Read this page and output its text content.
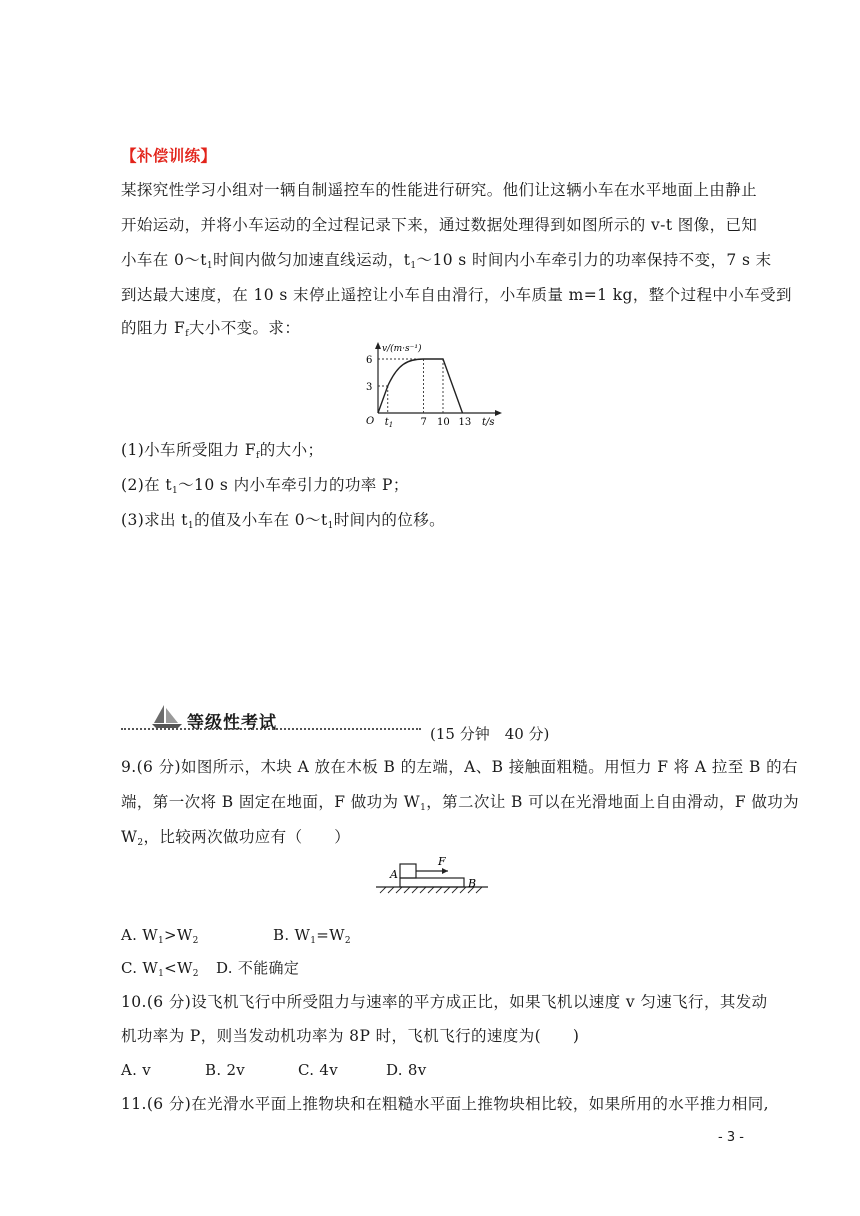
【补偿训练】
某探究性学习小组对一辆自制遥控车的性能进行研究。他们让这辆小车在水平地面上由静止
开始运动，并将小车运动的全过程记录下来，通过数据处理得到如图所示的 v-t 图像，已知
小车在 $0\sim t_1$时间内做匀加速直线运动，$t_1\sim 10$ s 时间内小车牵引力的功率保持不变，7 s 末
到达最大速度，在 10 s 末停止遥控让小车自由滑行，小车质量 m=1 kg，整个过程中小车受到
的阻力 $F_f$大小不变。求：
6
3
O $t_1$	7 10 13 t/s
v/(m·s⁻¹)
(1)小车所受阻力 $F_f$的大小；
(2)在 $t_1\sim 10$ s 内小车牵引力的功率 P；
(3)求出 $t_1$的值及小车在 $0\sim t_1$时间内的位移。
等级性考试
(15 分钟　40 分)
9.(6 分)如图所示，木块 A 放在木板 B 的左端，A、B 接触面粗糙。用恒力 F 将 A 拉至 B 的右
端，第一次将 B 固定在地面，F 做功为 $W_1$，第二次让 B 可以在光滑地面上自由滑动，F 做功为
$W_2$，比较两次做功应有（　　）
A
F
B
A. $W_1>W_2$	B. $W_1=W_2$
C. $W_1<W_2$ D. 不能确定
10.(6 分)设飞机飞行中所受阻力与速率的平方成正比，如果飞机以速度 v 匀速飞行，其发动
机功率为 P，则当发动机功率为 8P 时，飞机飞行的速度为(　　)
A. v	B. 2v	C. 4v	D. 8v
11.(6 分)在光滑水平面上推物块和在粗糙水平面上推物块相比较，如果所用的水平推力相同,
- 3 -
